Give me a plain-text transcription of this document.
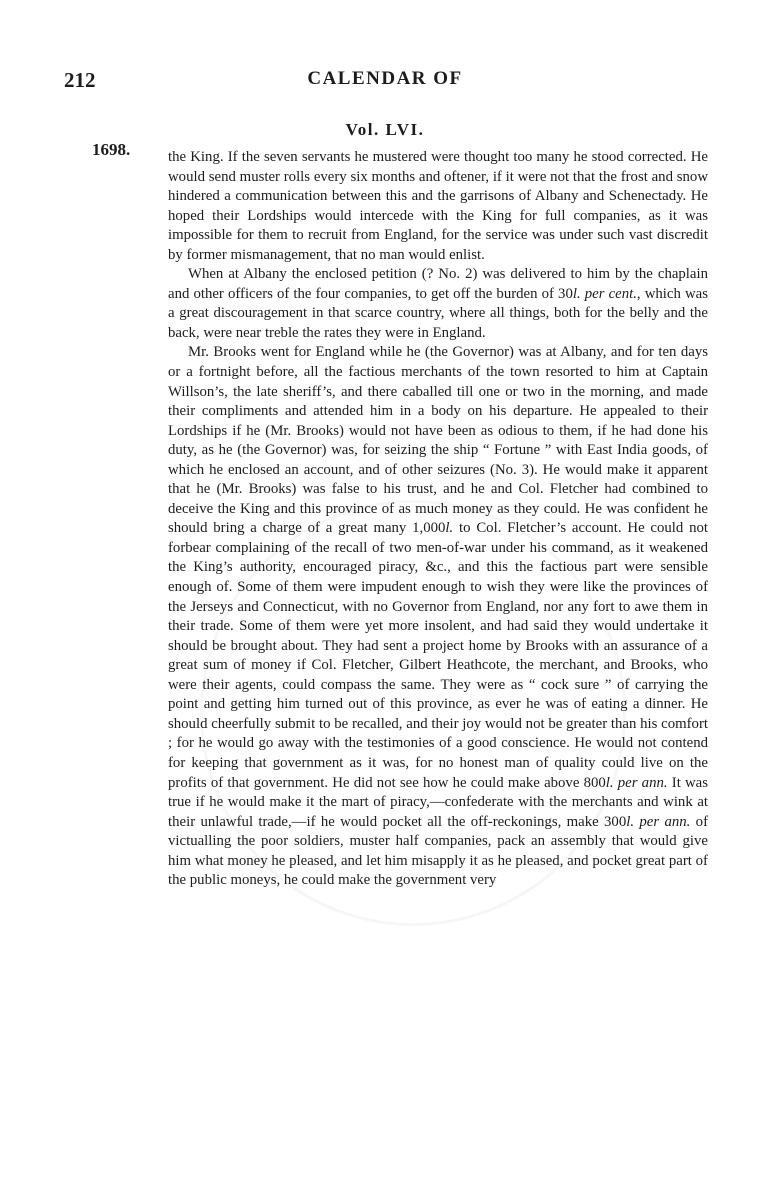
212	CALENDAR OF
Vol. LVI.
1698.	the King. If the seven servants he mustered were thought too many he stood corrected. He would send muster rolls every six months and oftener, if it were not that the frost and snow hindered a communication between this and the garrisons of Albany and Schenectady. He hoped their Lordships would intercede with the King for full companies, as it was impossible for them to recruit from England, for the service was under such vast discredit by former mismanagement, that no man would enlist.

When at Albany the enclosed petition (? No. 2) was delivered to him by the chaplain and other officers of the four companies, to get off the burden of 30l. per cent., which was a great discouragement in that scarce country, where all things, both for the belly and the back, were near treble the rates they were in England.

Mr. Brooks went for England while he (the Governor) was at Albany, and for ten days or a fortnight before, all the factious merchants of the town resorted to him at Captain Willson’s, the late sheriff’s, and there caballed till one or two in the morning, and made their compliments and attended him in a body on his departure. He appealed to their Lordships if he (Mr. Brooks) would not have been as odious to them, if he had done his duty, as he (the Governor) was, for seizing the ship “ Fortune ” with East India goods, of which he enclosed an account, and of other seizures (No. 3). He would make it apparent that he (Mr. Brooks) was false to his trust, and he and Col. Fletcher had combined to deceive the King and this province of as much money as they could. He was confident he should bring a charge of a great many 1,000l. to Col. Fletcher’s account. He could not forbear complaining of the recall of two men-of-war under his command, as it weakened the King’s authority, encouraged piracy, &c., and this the factious part were sensible enough of. Some of them were impudent enough to wish they were like the provinces of the Jerseys and Connecticut, with no Governor from England, nor any fort to awe them in their trade. Some of them were yet more insolent, and had said they would undertake it should be brought about. They had sent a project home by Brooks with an assurance of a great sum of money if Col. Fletcher, Gilbert Heathcote, the merchant, and Brooks, who were their agents, could compass the same. They were as “ cock sure ” of carrying the point and getting him turned out of this province, as ever he was of eating a dinner. He should cheerfully submit to be recalled, and their joy would not be greater than his comfort ; for he would go away with the testimonies of a good conscience. He would not contend for keeping that government as it was, for no honest man of quality could live on the profits of that government. He did not see how he could make above 800l. per ann. It was true if he would make it the mart of piracy,—confederate with the merchants and wink at their unlawful trade,—if he would pocket all the off-reckonings, make 300l. per ann. of victualling the poor soldiers, muster half companies, pack an assembly that would give him what money he pleased, and let him misapply it as he pleased, and pocket great part of the public moneys, he could make the government very
